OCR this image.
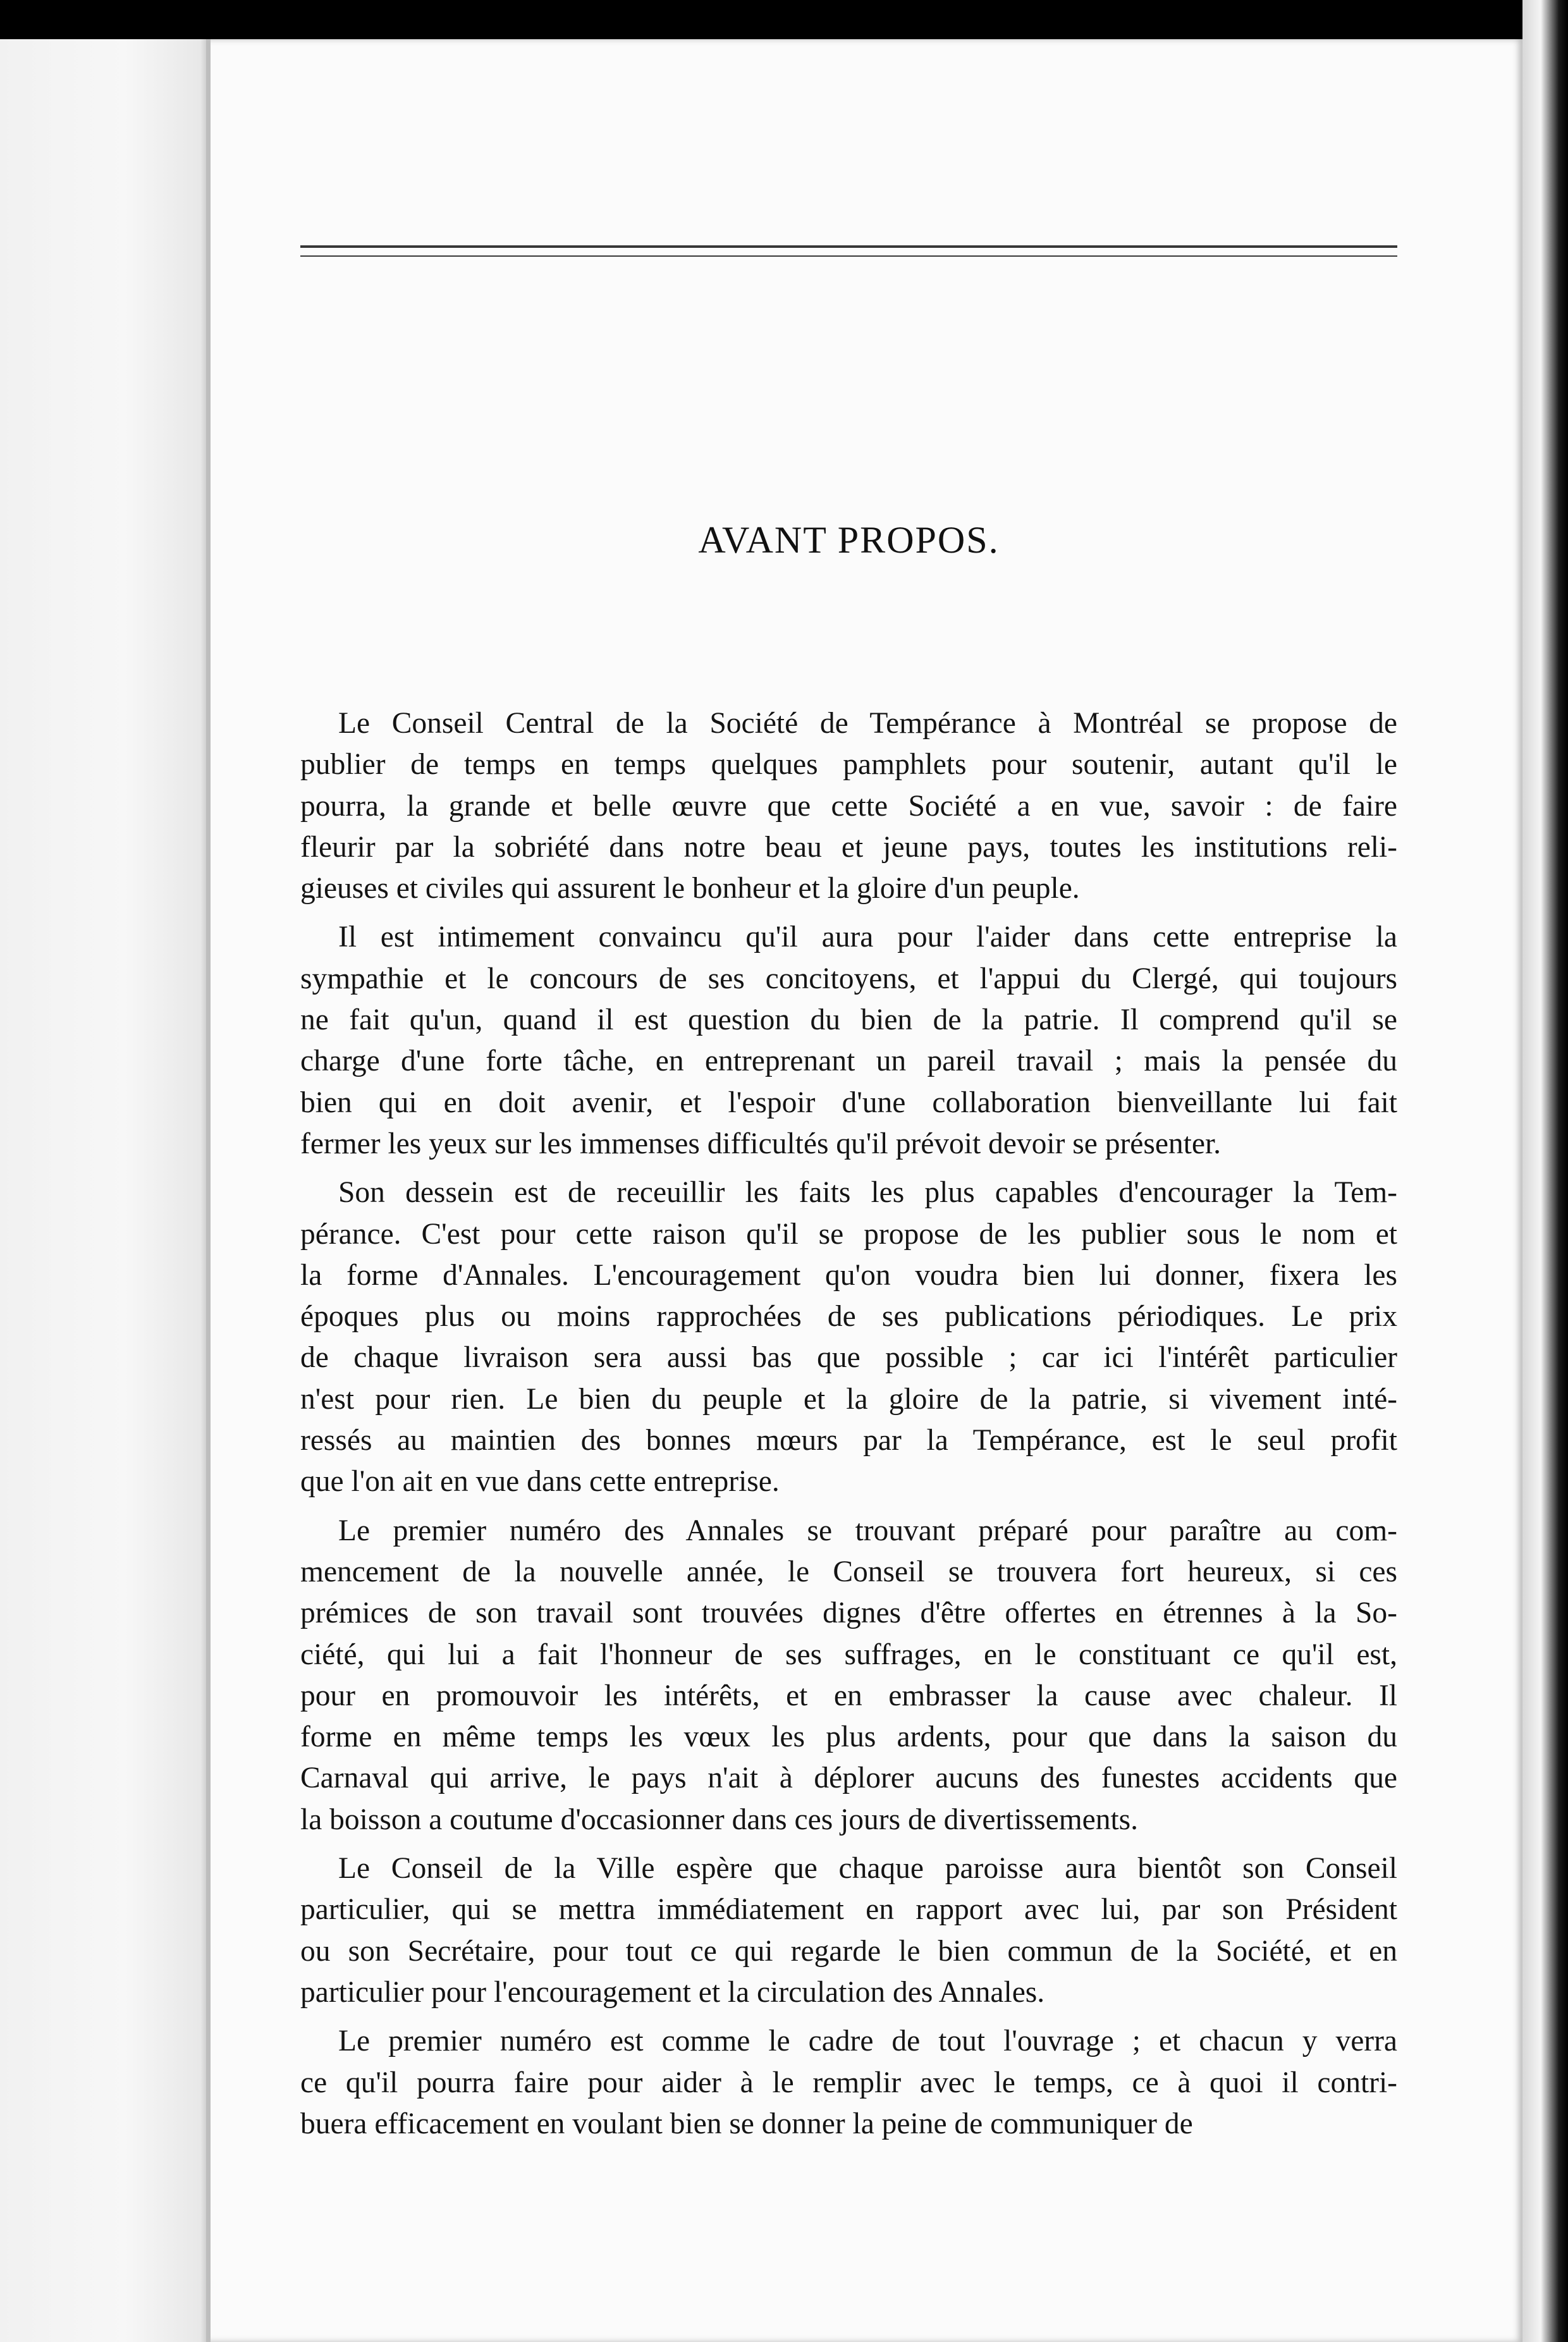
AVANT PROPOS.
Le Conseil Central de la Société de Tempérance à Montréal se propose de
publier de temps en temps quelques pamphlets pour soutenir, autant qu'il le
pourra, la grande et belle œuvre que cette Société a en vue, savoir : de faire
fleurir par la sobriété dans notre beau et jeune pays, toutes les institutions reli-
gieuses et civiles qui assurent le bonheur et la gloire d'un peuple.
Il est intimement convaincu qu'il aura pour l'aider dans cette entreprise la
sympathie et le concours de ses concitoyens, et l'appui du Clergé, qui toujours
ne fait qu'un, quand il est question du bien de la patrie. Il comprend qu'il se
charge d'une forte tâche, en entreprenant un pareil travail ; mais la pensée du
bien qui en doit avenir, et l'espoir d'une collaboration bienveillante lui fait
fermer les yeux sur les immenses difficultés qu'il prévoit devoir se présenter.
Son dessein est de receuillir les faits les plus capables d'encourager la Tem-
pérance. C'est pour cette raison qu'il se propose de les publier sous le nom et
la forme d'Annales. L'encouragement qu'on voudra bien lui donner, fixera les
époques plus ou moins rapprochées de ses publications périodiques. Le prix
de chaque livraison sera aussi bas que possible ; car ici l'intérêt particulier
n'est pour rien. Le bien du peuple et la gloire de la patrie, si vivement inté-
ressés au maintien des bonnes mœurs par la Tempérance, est le seul profit
que l'on ait en vue dans cette entreprise.
Le premier numéro des Annales se trouvant préparé pour paraître au com-
mencement de la nouvelle année, le Conseil se trouvera fort heureux, si ces
prémices de son travail sont trouvées dignes d'être offertes en étrennes à la So-
ciété, qui lui a fait l'honneur de ses suffrages, en le constituant ce qu'il est,
pour en promouvoir les intérêts, et en embrasser la cause avec chaleur. Il
forme en même temps les vœux les plus ardents, pour que dans la saison du
Carnaval qui arrive, le pays n'ait à déplorer aucuns des funestes accidents que
la boisson a coutume d'occasionner dans ces jours de divertissements.
Le Conseil de la Ville espère que chaque paroisse aura bientôt son Conseil
particulier, qui se mettra immédiatement en rapport avec lui, par son Président
ou son Secrétaire, pour tout ce qui regarde le bien commun de la Société, et en
particulier pour l'encouragement et la circulation des Annales.
Le premier numéro est comme le cadre de tout l'ouvrage ; et chacun y verra
ce qu'il pourra faire pour aider à le remplir avec le temps, ce à quoi il contri-
buera efficacement en voulant bien se donner la peine de communiquer de
